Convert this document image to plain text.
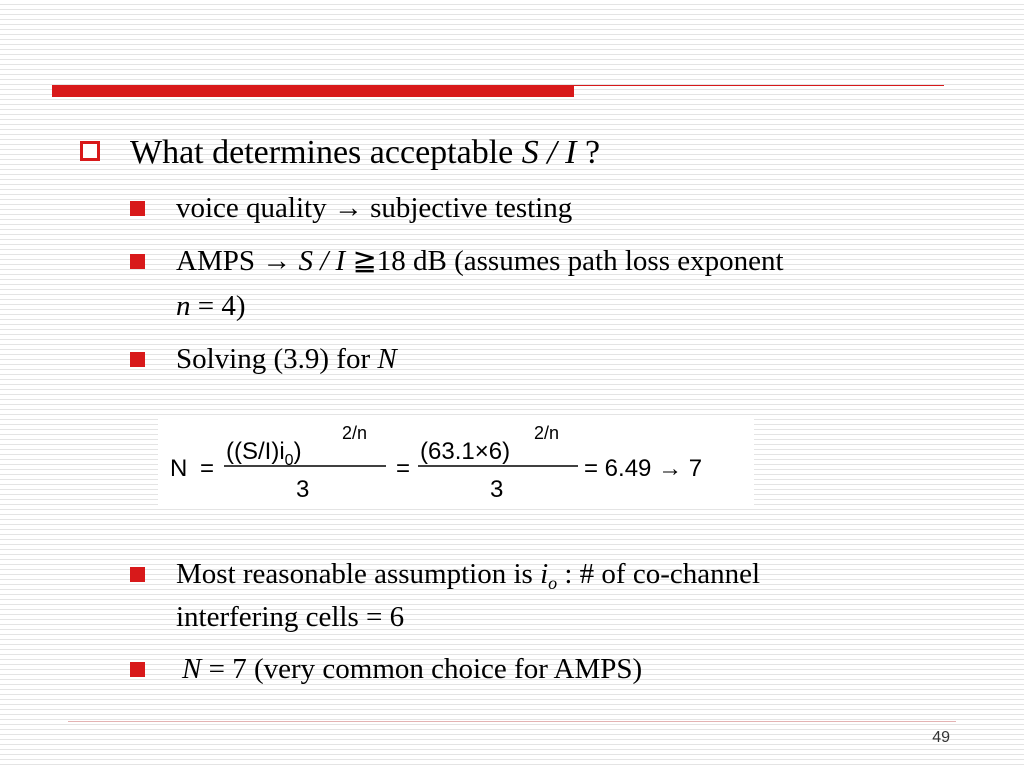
What determines acceptable S / I ?
voice quality → subjective testing
AMPS → S / I ≧18 dB (assumes path loss exponent
n = 4)
Solving (3.9) for N
N =
$((S/I)i_0)$
2/n
3
=
(63.1×6)
2/n
3
= 6.49 → 7
Most reasonable assumption is $i_o$ : # of co-channel
interfering cells = 6
N = 7 (very common choice for AMPS)
49
